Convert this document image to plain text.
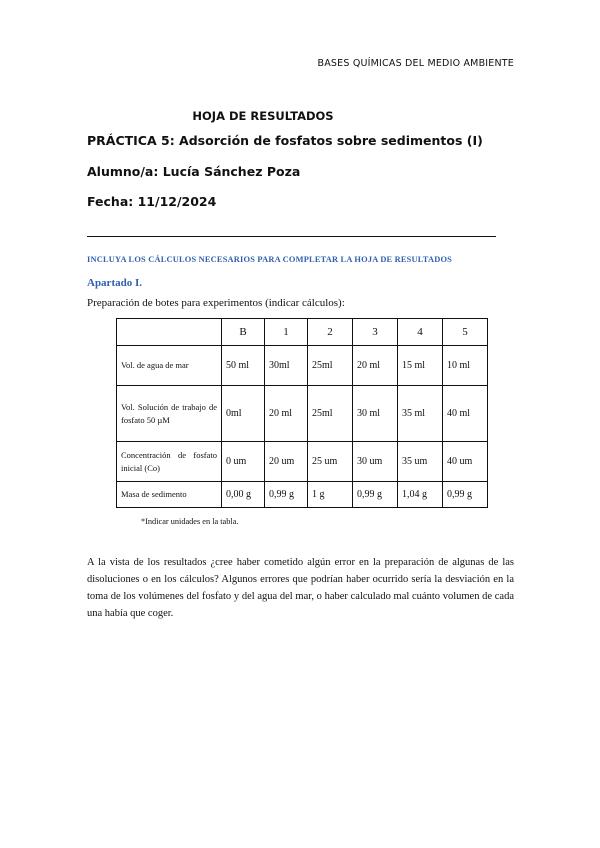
BASES QUÍMICAS DEL MEDIO AMBIENTE
HOJA DE RESULTADOS
PRÁCTICA 5: Adsorción de fosfatos sobre sedimentos (I)
Alumno/a: Lucía Sánchez Poza
Fecha: 11/12/2024
INCLUYA LOS CÁLCULOS NECESARIOS PARA COMPLETAR LA HOJA DE RESULTADOS
Apartado I.
Preparación de botes para experimentos (indicar cálculos):
	B	1	2	3	4	5
Vol. de agua de mar	50 ml	30ml	25ml	20 ml	15 ml	10 ml
Vol. Solución de trabajo de fosfato 50 µM	0ml	20 ml	25ml	30 ml	35 ml	40 ml
Concentración de fosfato inicial (Co)	0 um	20 um	25 um	30 um	35 um	40 um
Masa de sedimento	0,00 g	0,99 g	1 g	0,99 g	1,04 g	0,99 g
*Indicar unidades en la tabla.
A la vista de los resultados ¿cree haber cometido algún error en la preparación de algunas de las disoluciones o en los cálculos? Algunos errores que podrían haber ocurrido sería la desviación en la toma de los volúmenes del fosfato y del agua del mar, o haber calculado mal cuánto volumen de cada una había que coger.
